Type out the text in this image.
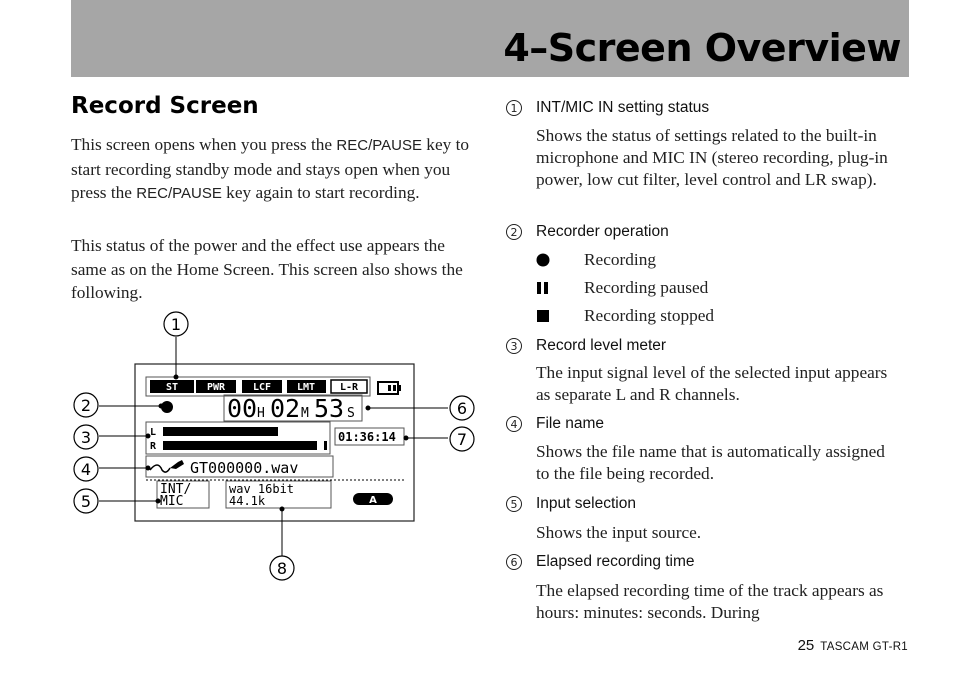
4–Screen Overview
Record Screen

This screen opens when you press the REC/PAUSE key to start recording standby mode and stays open when you press the REC/PAUSE key again to start recording.

This status of the power and the effect use appears the same as on the Home Screen. This screen also shows the following.

ST	PWR	LCF	LMT L-R
00 H 02 M 53 S
L
R
01:36:14
GT000000.wav
INT/
MIC
wav 16bit
44.1k	A
1
2
3
4
5
6
7
8
1 INT/MIC IN setting status

Shows the status of settings related to the built-in microphone and MIC IN (stereo recording, plug-in power, low cut filter, level control and LR swap).

2 Recorder operation
Recording
Recording paused
Recording stopped
3 Record level meter

The input signal level of the selected input appears as separate L and R channels.

4 File name

Shows the file name that is automatically assigned to the file being recorded.

5 Input selection

Shows the input source.

6 Elapsed recording time

The elapsed recording time of the track appears as hours: minutes: seconds. During

25 TASCAM GT-R1
